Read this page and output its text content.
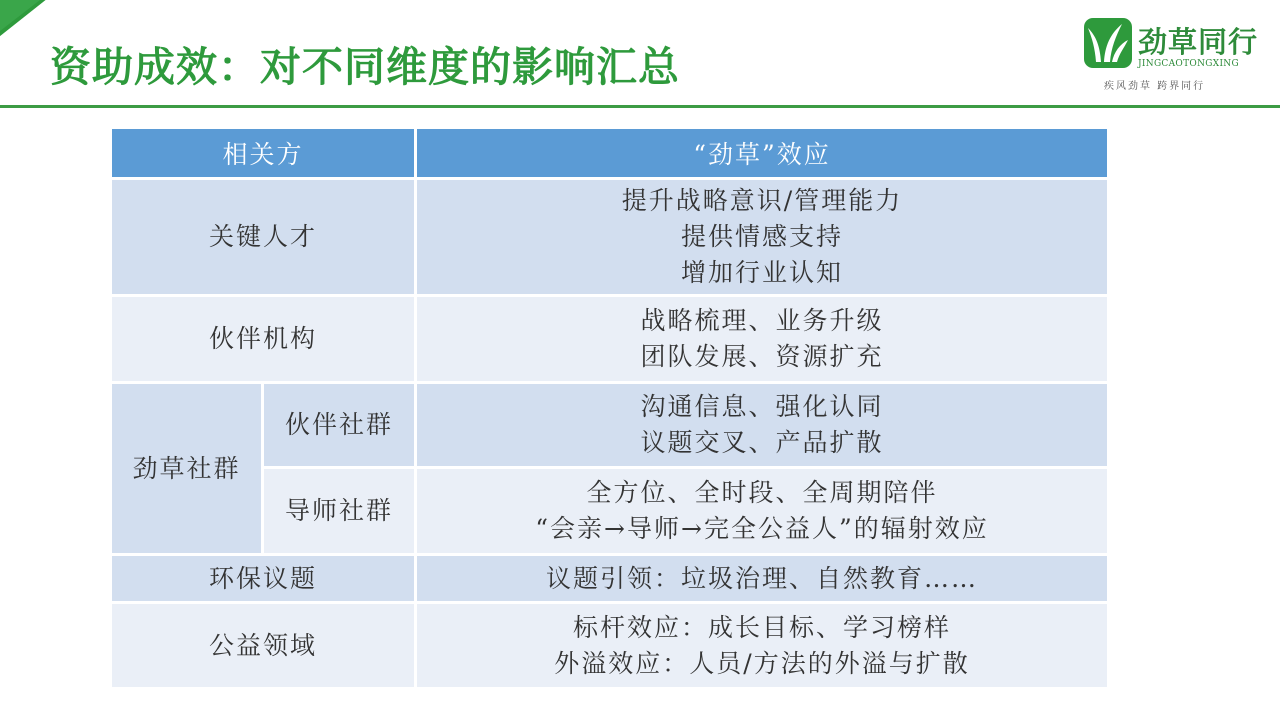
资助成效：对不同维度的影响汇总
劲草同行
JINGCAOTONGXING
疾风劲草 跨界同行
相关方		“劲草”效应
关键人才		提升战略意识/管理能力
提供情感支持
增加行业认知

伙伴机构		战略梳理、业务升级
团队发展、资源扩充

劲草社群	伙伴社群	沟通信息、强化认同
议题交叉、产品扩散

	导师社群	全方位、全时段、全周期陪伴
“会亲→导师→完全公益人”的辐射效应

环保议题		议题引领：垃圾治理、自然教育……

公益领域		标杆效应：成长目标、学习榜样
外溢效应：人员/方法的外溢与扩散
